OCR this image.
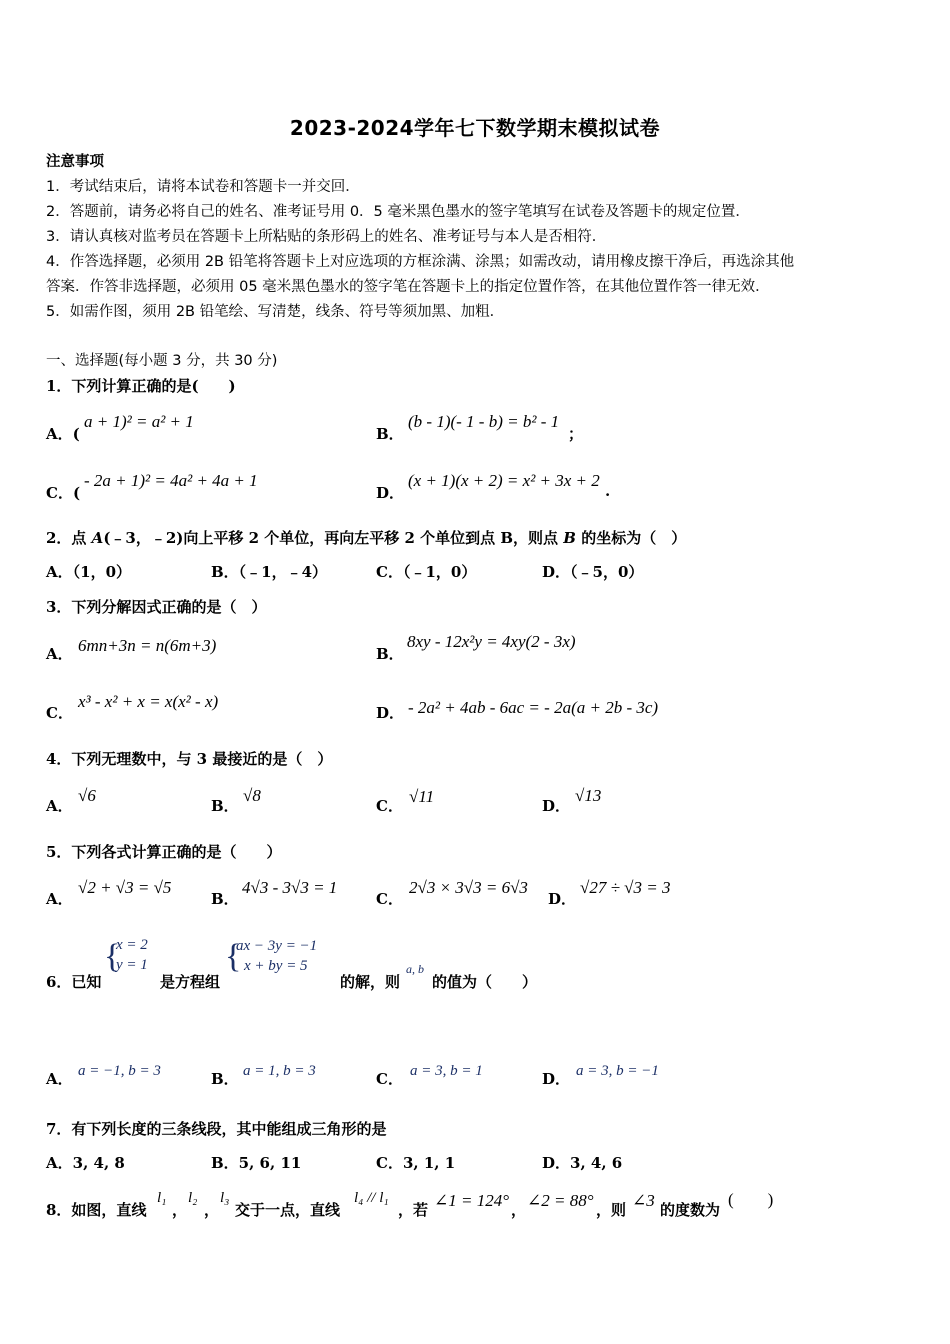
2023-2024学年七下数学期末模拟试卷
注意事项
1．考试结束后，请将本试卷和答题卡一并交回．
2．答题前，请务必将自己的姓名、准考证号用 0．5 毫米黑色墨水的签字笔填写在试卷及答题卡的规定位置．
3．请认真核对监考员在答题卡上所粘贴的条形码上的姓名、准考证号与本人是否相符．
4．作答选择题，必须用 2B 铅笔将答题卡上对应选项的方框涂满、涂黑；如需改动，请用橡皮擦干净后，再选涂其他
答案．作答非选择题，必须用 05 毫米黑色墨水的签字笔在答题卡上的指定位置作答，在其他位置作答一律无效．
5．如需作图，须用 2B 铅笔绘、写清楚，线条、符号等须加黑、加粗．
一、选择题(每小题 3 分，共 30 分)
1．下列计算正确的是(　　)
A．(
a + 1)² = a² + 1
B．
(b - 1)(- 1 - b) = b² - 1
；
C．(
- 2a + 1)² = 4a² + 4a + 1
D．
(x + 1)(x + 2) = x² + 3x + 2
.
2．点 A(﹣3，﹣2)向上平移 2 个单位，再向左平移 2 个单位到点 B，则点 B 的坐标为（　）
A．（1，0）	B．（﹣1，﹣4）	C．（﹣1，0）	D．（﹣5，0）
3．下列分解因式正确的是（　）
A． 6mn+3n = n(6m+3)	B．
8xy - 12x²y = 4xy(2 - 3x)
C．
x³ - x² + x = x(x² - x)
D． - 2a² + 4ab - 6ac = - 2a(a + 2b - 3c)
4．下列无理数中，与 3 最接近的是（　）
A．
√6
B．
√8
C． √11	D．
√13
5．下列各式计算正确的是（　　）
A．
√2 + √3 = √5
B．
4√3 - 3√3 = 1
C．
2√3 × 3√3 = 6√3
D．
√27 ÷ √3 = 3
6．已知
{
x = 2
y = 1
是方程组
{
ax − 3y = −1
x + by = 5
的解，则
a, b
的值为（　　）
A． a = −1, b = 3	B． a = 1, b = 3	C． a = 3, b = 1	D． a = 3, b = −1
7．有下列长度的三条线段，其中能组成三角形的是
A．3, 4, 8	B．5, 6, 11	C．3, 1, 1	D．3, 4, 6
8．如图，直线
l₁
，
l₂
，
l₃
交于一点，直线
l₄ // l₁
，若 ∠1 = 124° ， ∠2 = 88° ，则 ∠3 的度数为
(　　)
